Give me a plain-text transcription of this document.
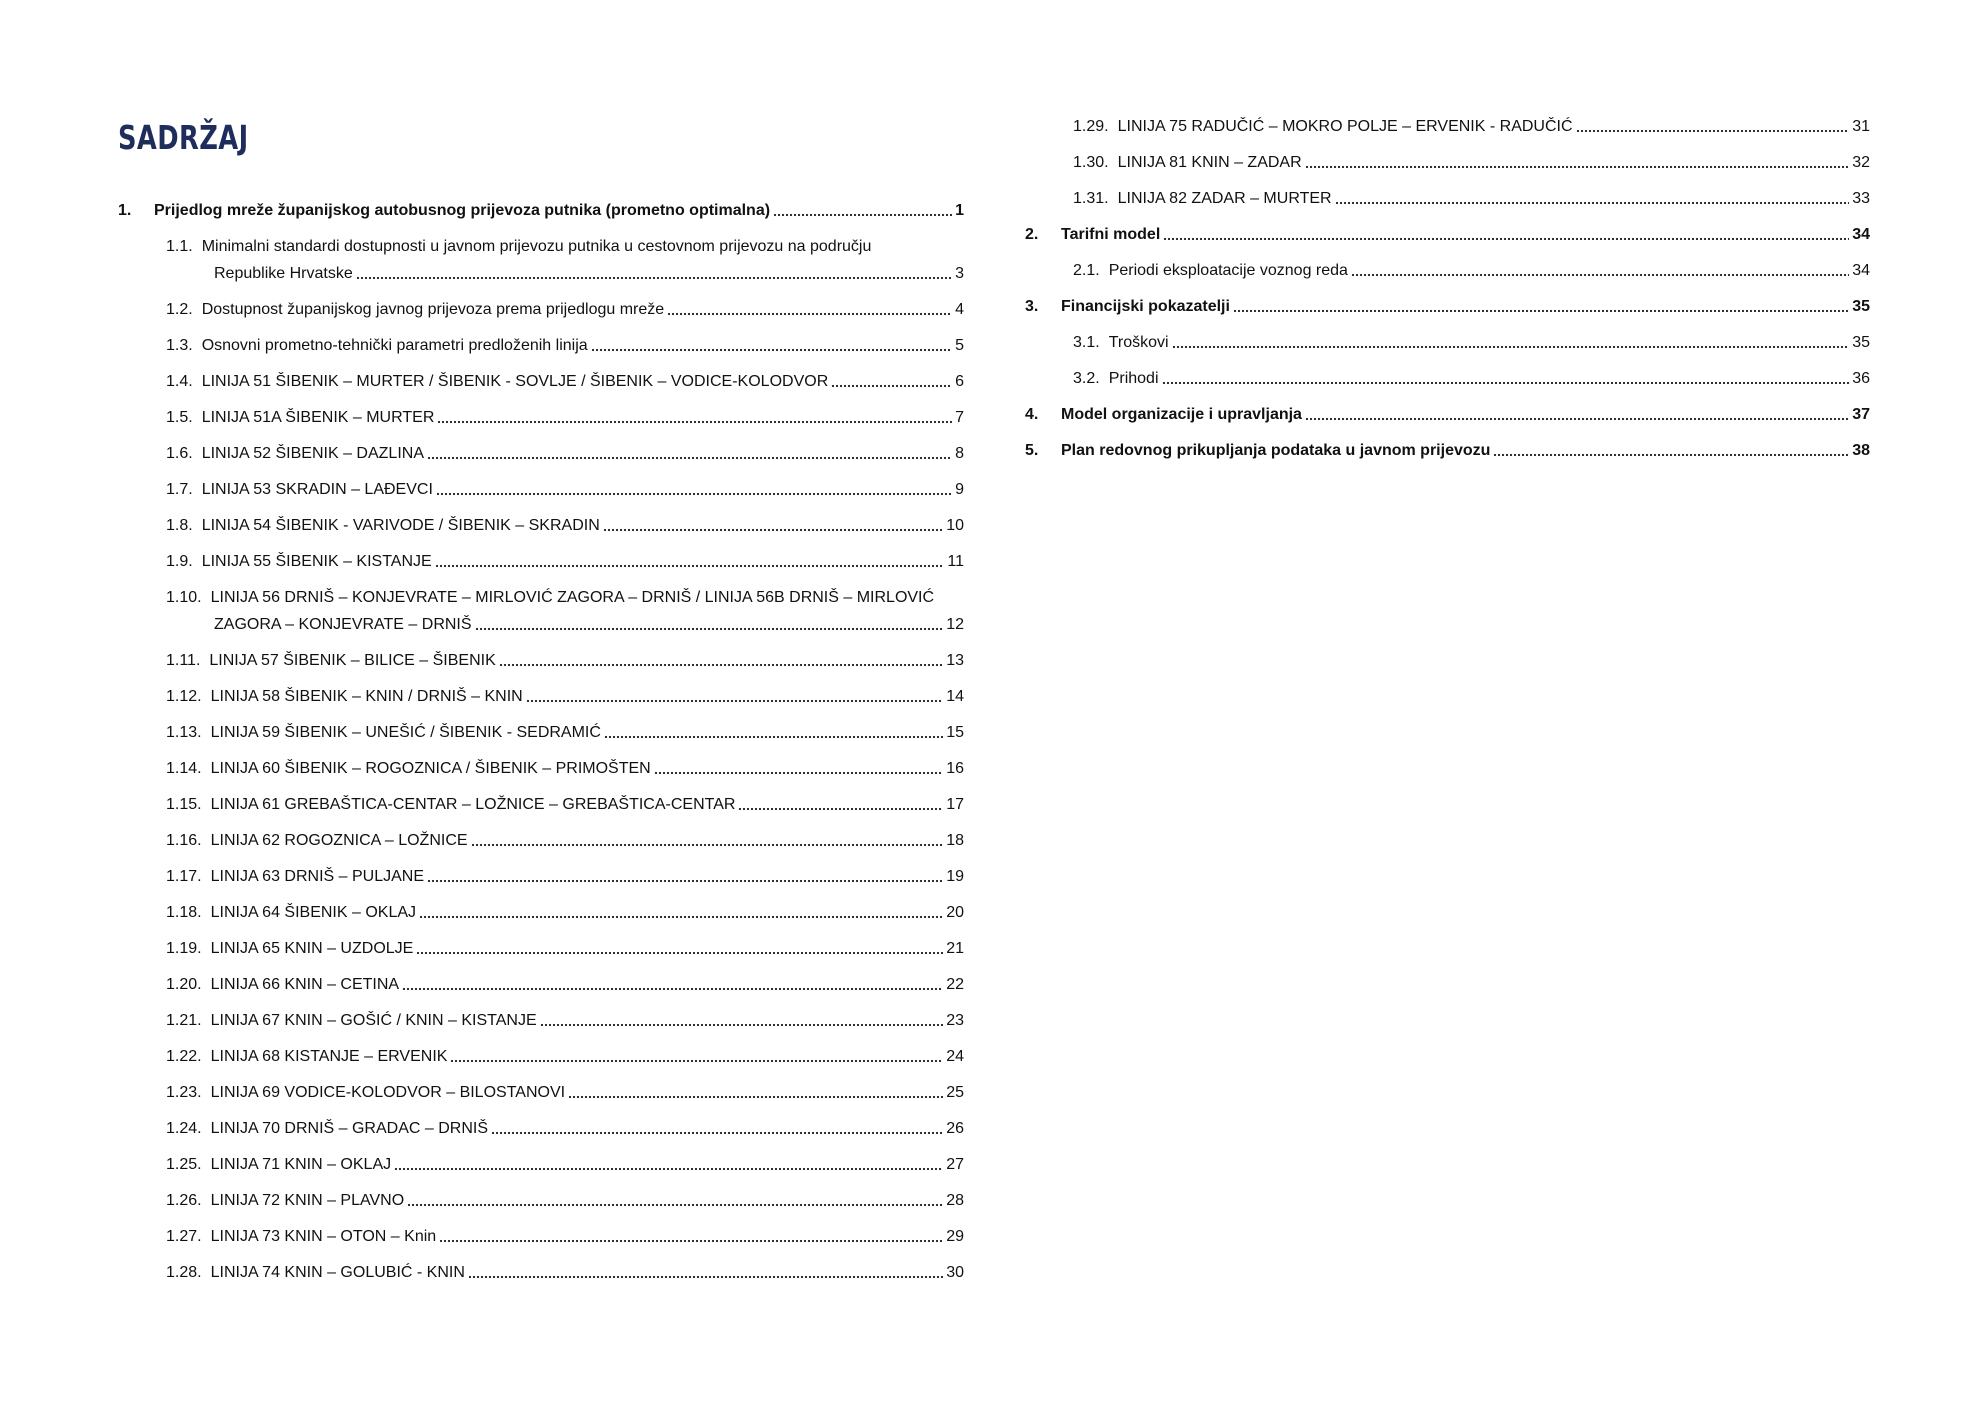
SADRŽAJ
1.	Prijedlog mreže županijskog autobusnog prijevoza putnika (prometno optimalna)	1
1.1. Minimalni standardi dostupnosti u javnom prijevozu putnika u cestovnom prijevozu na području
Republike Hrvatske	3
1.2. Dostupnost županijskog javnog prijevoza prema prijedlogu mreže	4
1.3. Osnovni prometno-tehnički parametri predloženih linija	5
1.4. LINIJA 51 ŠIBENIK – MURTER / ŠIBENIK - SOVLJE / ŠIBENIK – VODICE-KOLODVOR	6
1.5. LINIJA 51A ŠIBENIK – MURTER	7
1.6. LINIJA 52 ŠIBENIK – DAZLINA	8
1.7. LINIJA 53 SKRADIN – LAĐEVCI	9
1.8. LINIJA 54 ŠIBENIK - VARIVODE / ŠIBENIK – SKRADIN	10
1.9. LINIJA 55 ŠIBENIK – KISTANJE	11
1.10. LINIJA 56 DRNIŠ – KONJEVRATE – MIRLOVIĆ ZAGORA – DRNIŠ / LINIJA 56B DRNIŠ – MIRLOVIĆ
ZAGORA – KONJEVRATE – DRNIŠ	12
1.11. LINIJA 57 ŠIBENIK – BILICE – ŠIBENIK	13
1.12. LINIJA 58 ŠIBENIK – KNIN / DRNIŠ – KNIN	14
1.13. LINIJA 59 ŠIBENIK – UNEŠIĆ / ŠIBENIK - SEDRAMIĆ	15
1.14. LINIJA 60 ŠIBENIK – ROGOZNICA / ŠIBENIK – PRIMOŠTEN	16
1.15. LINIJA 61 GREBAŠTICA-CENTAR – LOŽNICE – GREBAŠTICA-CENTAR	17
1.16. LINIJA 62 ROGOZNICA – LOŽNICE	18
1.17. LINIJA 63 DRNIŠ – PULJANE	19
1.18. LINIJA 64 ŠIBENIK – OKLAJ	20
1.19. LINIJA 65 KNIN – UZDOLJE	21
1.20. LINIJA 66 KNIN – CETINA	22
1.21. LINIJA 67 KNIN – GOŠIĆ / KNIN – KISTANJE	23
1.22. LINIJA 68 KISTANJE – ERVENIK	24
1.23. LINIJA 69 VODICE-KOLODVOR – BILOSTANOVI	25
1.24. LINIJA 70 DRNIŠ – GRADAC – DRNIŠ	26
1.25. LINIJA 71 KNIN – OKLAJ	27
1.26. LINIJA 72 KNIN – PLAVNO	28
1.27. LINIJA 73 KNIN – OTON – Knin	29
1.28. LINIJA 74 KNIN – GOLUBIĆ - KNIN	30
1.29. LINIJA 75 RADUČIĆ – MOKRO POLJE – ERVENIK - RADUČIĆ	31
1.30. LINIJA 81 KNIN – ZADAR	32
1.31. LINIJA 82 ZADAR – MURTER	33
2.	Tarifni model	34
2.1. Periodi eksploatacije voznog reda	34
3.	Financijski pokazatelji	35
3.1. Troškovi	35
3.2. Prihodi	36
4.	Model organizacije i upravljanja	37
5.	Plan redovnog prikupljanja podataka u javnom prijevozu	38
